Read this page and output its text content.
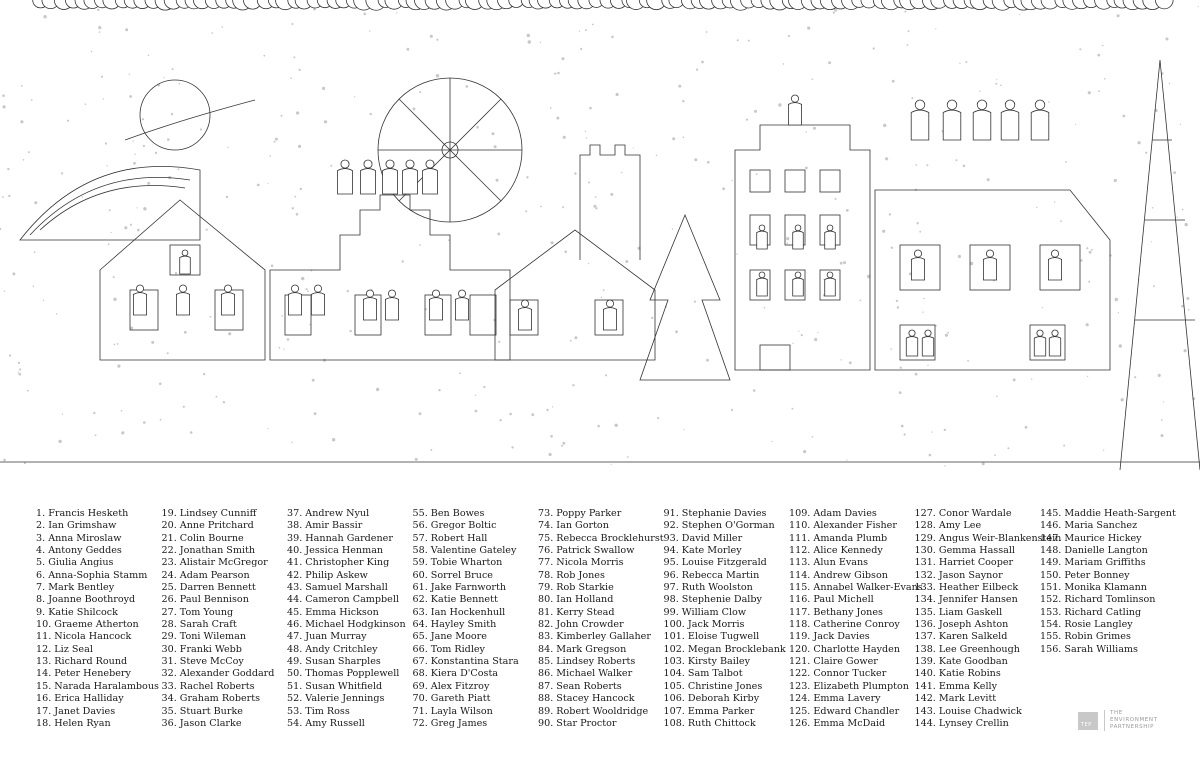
1. Francis Hesketh
2. Ian Grimshaw
3. Anna Miroslaw
4. Antony Geddes
5. Giulia Angius
6. Anna-Sophia Stamm
7. Mark Bentley
8. Joanne Boothroyd
9. Katie Shilcock
10. Graeme Atherton
11. Nicola Hancock
12. Liz Seal
13. Richard Round
14. Peter Henebery
15. Narada Haralambous
16. Erica Halliday
17. Janet Davies
18. Helen Ryan
19. Lindsey Cunniff
20. Anne Pritchard
21. Colin Bourne
22. Jonathan Smith
23. Alistair McGregor
24. Adam Pearson
25. Darren Bennett
26. Paul Bennison
27. Tom Young
28. Sarah Craft
29. Toni Wileman
30. Franki Webb
31. Steve McCoy
32. Alexander Goddard
33. Rachel Roberts
34. Graham Roberts
35. Stuart Burke
36. Jason Clarke
37. Andrew Nyul
38. Amir Bassir
39. Hannah Gardener
40. Jessica Henman
41. Christopher King
42. Philip Askew
43. Samuel Marshall
44. Cameron Campbell
45. Emma Hickson
46. Michael Hodgkinson
47. Juan Murray
48. Andy Critchley
49. Susan Sharples
50. Thomas Popplewell
51. Susan Whitfield
52. Valerie Jennings
53. Tim Ross
54. Amy Russell
55. Ben Bowes
56. Gregor Boltic
57. Robert Hall
58. Valentine Gateley
59. Tobie Wharton
60. Sorrel Bruce
61. Jake Farnworth
62. Katie Bennett
63. Ian Hockenhull
64. Hayley Smith
65. Jane Moore
66. Tom Ridley
67. Konstantina Stara
68. Kiera D'Costa
69. Alex Fitzroy
70. Gareth Piatt
71. Layla Wilson
72. Greg James
73. Poppy Parker
74. Ian Gorton
75. Rebecca Brocklehurst
76. Patrick Swallow
77. Nicola Morris
78. Rob Jones
79. Rob Starkie
80. Ian Holland
81. Kerry Stead
82. John Crowder
83. Kimberley Gallaher
84. Mark Gregson
85. Lindsey Roberts
86. Michael Walker
87. Sean Roberts
88. Stacey Hancock
89. Robert Wooldridge
90. Star Proctor
91. Stephanie Davies
92. Stephen O'Gorman
93. David Miller
94. Kate Morley
95. Louise Fitzgerald
96. Rebecca Martin
97. Ruth Woolston
98. Stephenie Dalby
99. William Clow
100. Jack Morris
101. Eloise Tugwell
102. Megan Brocklebank
103. Kirsty Bailey
104. Sam Talbot
105. Christine Jones
106. Deborah Kirby
107. Emma Parker
108. Ruth Chittock
109. Adam Davies
110. Alexander Fisher
111. Amanda Plumb
112. Alice Kennedy
113. Alun Evans
114. Andrew Gibson
115. Annabel Walker-Evans
116. Paul Michell
117. Bethany Jones
118. Catherine Conroy
119. Jack Davies
120. Charlotte Hayden
121. Claire Gower
122. Connor Tucker
123. Elizabeth Plumpton
124. Emma Lavery
125. Edward Chandler
126. Emma McDaid
127. Conor Wardale
128. Amy Lee
129. Angus Weir-Blankenstein
130. Gemma Hassall
131. Harriet Cooper
132. Jason Saynor
133. Heather Eilbeck
134. Jennifer Hansen
135. Liam Gaskell
136. Joseph Ashton
137. Karen Salkeld
138. Lee Greenhough
139. Kate Goodban
140. Katie Robins
141. Emma Kelly
142. Mark Levitt
143. Louise Chadwick
144. Lynsey Crellin
145. Maddie Heath-Sargent
146. Maria Sanchez
147. Maurice Hickey
148. Danielle Langton
149. Mariam Griffiths
150. Peter Bonney
151. Monika Klamann
152. Richard Tomlinson
153. Richard Catling
154. Rosie Langley
155. Robin Grimes
156. Sarah Williams
TEP
THE
ENVIRONMENT
PARTNERSHIP
